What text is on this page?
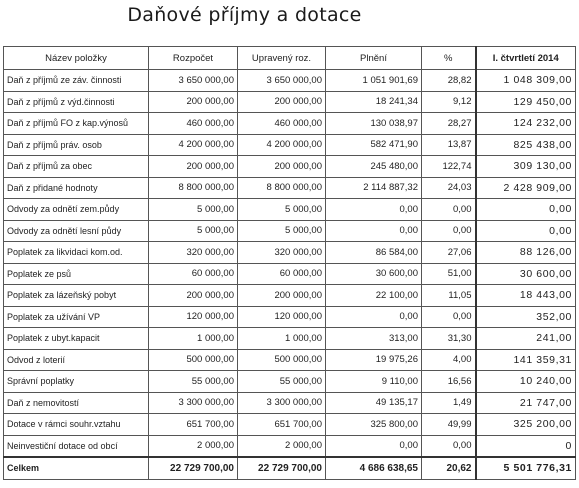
Daňové příjmy a dotace
Název položky	Rozpočet	Upravený roz.	Plnění	%	I. čtvrtletí 2014
Daň z příjmů ze záv. činnosti	3 650 000,00	3 650 000,00	1 051 901,69	28,82	1 048 309,00
Daň z příjmů z výd.činnosti	200 000,00	200 000,00	18 241,34	9,12	129 450,00
Daň z příjmů FO z kap.výnosů	460 000,00	460 000,00	130 038,97	28,27	124 232,00
Daň z příjmů práv. osob	4 200 000,00	4 200 000,00	582 471,90	13,87	825 438,00
Daň z příjmů za obec	200 000,00	200 000,00	245 480,00	122,74	309 130,00
Daň z přidané hodnoty	8 800 000,00	8 800 000,00	2 114 887,32	24,03	2 428 909,00
Odvody za odnětí zem.půdy	5 000,00	5 000,00	0,00	0,00	0,00
Odvody za odnětí lesní půdy	5 000,00	5 000,00	0,00	0,00	0,00
Poplatek za likvidaci kom.od.	320 000,00	320 000,00	86 584,00	27,06	88 126,00
Poplatek ze psů	60 000,00	60 000,00	30 600,00	51,00	30 600,00
Poplatek za lázeňský pobyt	200 000,00	200 000,00	22 100,00	11,05	18 443,00
Poplatek za užívání VP	120 000,00	120 000,00	0,00	0,00	352,00
Poplatek z ubyt.kapacit	1 000,00	1 000,00	313,00	31,30	241,00
Odvod z loterií	500 000,00	500 000,00	19 975,26	4,00	141 359,31
Správní poplatky	55 000,00	55 000,00	9 110,00	16,56	10 240,00
Daň z nemovitostí	3 300 000,00	3 300 000,00	49 135,17	1,49	21 747,00
Dotace v rámci souhr.vztahu	651 700,00	651 700,00	325 800,00	49,99	325 200,00
Neinvestiční dotace od obcí	2 000,00	2 000,00	0,00	0,00	0
Celkem	22 729 700,00	22 729 700,00	4 686 638,65	20,62	5 501 776,31
